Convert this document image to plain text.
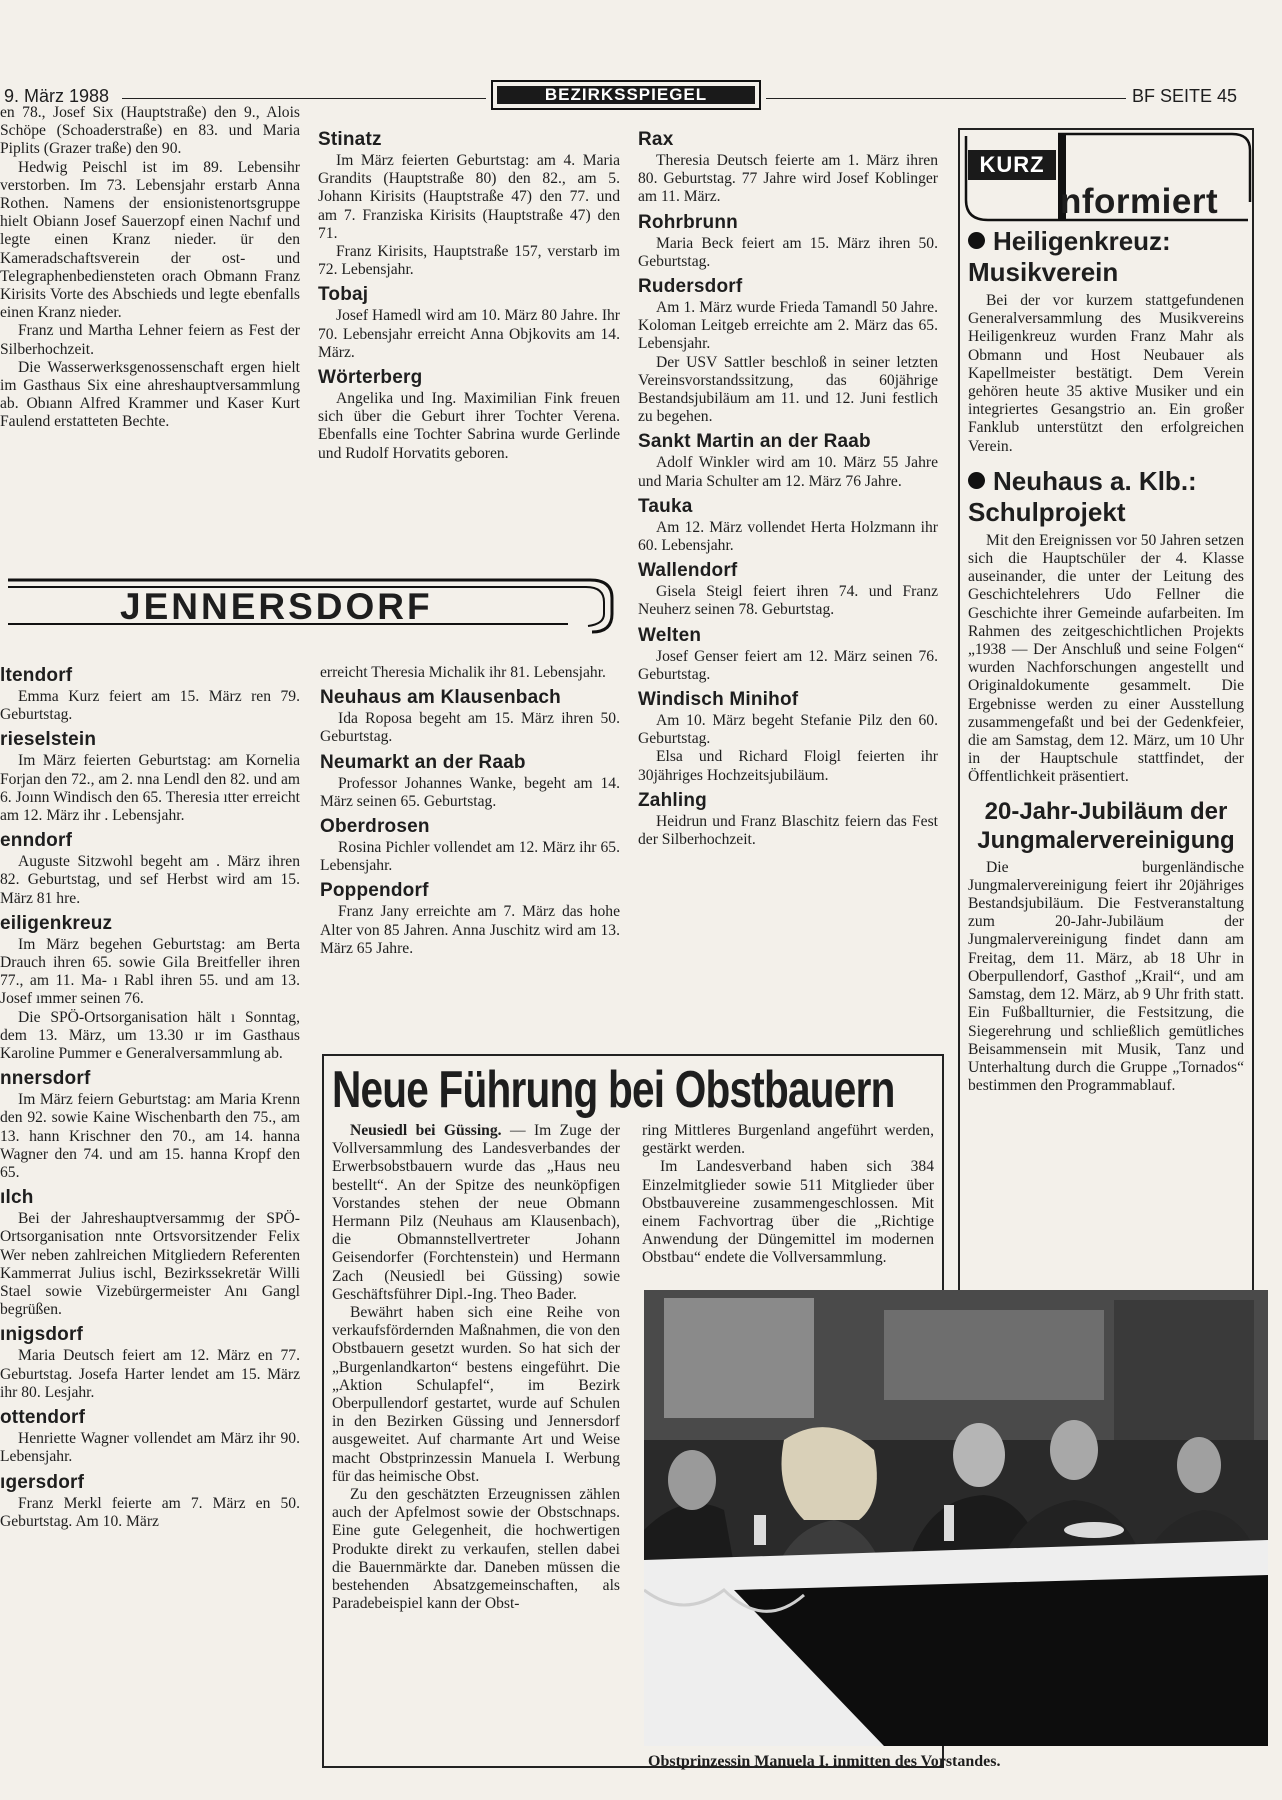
9. März 1988	BEZIRKSSPIEGEL	BF SEITE 45

en 78., Josef Six (Hauptstraße) den 9., Alois Schöpe (Schoaderstraße) en 83. und Maria Piplits (Grazer traße) den 90.

Hedwig Peischl ist im 89. Lebensihr verstorben. Im 73. Lebensjahr erstarb Anna Rothen. Namens der ensionistenortsgruppe hielt Obiann Josef Sauerzopf einen Nachıf und legte einen Kranz nieder. ür den Kameradschaftsverein der ost- und Telegraphenbediensteten orach Obmann Franz Kirisits Vorte des Abschieds und legte ebenfalls einen Kranz nieder.

Franz und Martha Lehner feiern as Fest der Silberhochzeit.

Die Wasserwerksgenossenschaft ergen hielt im Gasthaus Six eine ahreshauptversammlung ab. Obıann Alfred Krammer und Kaser Kurt Faulend erstatteten Bechte.

Stinatz

Im März feierten Geburtstag: am 4. Maria Grandits (Hauptstraße 80) den 82., am 5. Johann Kirisits (Hauptstraße 47) den 77. und am 7. Franziska Kirisits (Hauptstraße 47) den 71.

Franz Kirisits, Hauptstraße 157, verstarb im 72. Lebensjahr.

Tobaj

Josef Hamedl wird am 10. März 80 Jahre. Ihr 70. Lebensjahr erreicht Anna Objkovits am 14. März.

Wörterberg

Angelika und Ing. Maximilian Fink freuen sich über die Geburt ihrer Tochter Verena. Ebenfalls eine Tochter Sabrina wurde Gerlinde und Rudolf Horvatits geboren.

Rax

Theresia Deutsch feierte am 1. März ihren 80. Geburtstag. 77 Jahre wird Josef Koblinger am 11. März.

Rohrbrunn

Maria Beck feiert am 15. März ihren 50. Geburtstag.

Rudersdorf

Am 1. März wurde Frieda Tamandl 50 Jahre. Koloman Leitgeb erreichte am 2. März das 65. Lebensjahr.

Der USV Sattler beschloß in seiner letzten Vereinsvorstandssitzung, das 60jährige Bestandsjubiläum am 11. und 12. Juni festlich zu begehen.

Sankt Martin an der Raab

Adolf Winkler wird am 10. März 55 Jahre und Maria Schulter am 12. März 76 Jahre.

Tauka

Am 12. März vollendet Herta Holzmann ihr 60. Lebensjahr.

Wallendorf

Gisela Steigl feiert ihren 74. und Franz Neuherz seinen 78. Geburtstag.

Welten

Josef Genser feiert am 12. März seinen 76. Geburtstag.

Windisch Minihof

Am 10. März begeht Stefanie Pilz den 60. Geburtstag.

Elsa und Richard Floigl feierten ihr 30jähriges Hochzeitsjubiläum.

Zahling

Heidrun und Franz Blaschitz feiern das Fest der Silberhochzeit.

JENNERSDORF
ltendorf

Emma Kurz feiert am 15. März ren 79. Geburtstag.

rieselstein

Im März feierten Geburtstag: am Kornelia Forjan den 72., am 2. nna Lendl den 82. und am 6. Joınn Windisch den 65. Theresia ıtter erreicht am 12. März ihr . Lebensjahr.

enndorf

Auguste Sitzwohl begeht am . März ihren 82. Geburtstag, und sef Herbst wird am 15. März 81 hre.

eiligenkreuz

Im März begehen Geburtstag: am Berta Drauch ihren 65. sowie Gila Breitfeller ihren 77., am 11. Ma- ı Rabl ihren 55. und am 13. Josef ımmer seinen 76.

Die SPÖ-Ortsorganisation hält ı Sonntag, dem 13. März, um 13.30 ır im Gasthaus Karoline Pummer e Generalversammlung ab.

nnersdorf

Im März feiern Geburtstag: am Maria Krenn den 92. sowie Kaine Wischenbarth den 75., am 13. hann Krischner den 70., am 14. hanna Wagner den 74. und am 15. hanna Kropf den 65.

ılch

Bei der Jahreshauptversammıg der SPÖ-Ortsorganisation nnte Ortsvorsitzender Felix Wer neben zahlreichen Mitgliedern Referenten Kammerrat Julius ischl, Bezirkssekretär Willi Stael sowie Vizebürgermeister Anı Gangl begrüßen.

ınigsdorf

Maria Deutsch feiert am 12. März en 77. Geburtstag. Josefa Harter lendet am 15. März ihr 80. Lesjahr.

ottendorf

Henriette Wagner vollendet am März ihr 90. Lebensjahr.

ıgersdorf

Franz Merkl feierte am 7. März en 50. Geburtstag. Am 10. März

erreicht Theresia Michalik ihr 81. Lebensjahr.

Neuhaus am Klausenbach

Ida Roposa begeht am 15. März ihren 50. Geburtstag.

Neumarkt an der Raab

Professor Johannes Wanke, begeht am 14. März seinen 65. Geburtstag.

Oberdrosen

Rosina Pichler vollendet am 12. März ihr 65. Lebensjahr.

Poppendorf

Franz Jany erreichte am 7. März das hohe Alter von 85 Jahren. Anna Juschitz wird am 13. März 65 Jahre.

KURZ
nformiert
Heiligenkreuz:
Musikverein

Bei der vor kurzem stattgefundenen Generalversammlung des Musikvereins Heiligenkreuz wurden Franz Mahr als Obmann und Host Neubauer als Kapellmeister bestätigt. Dem Verein gehören heute 35 aktive Musiker und ein integriertes Gesangstrio an. Ein großer Fanklub unterstützt den erfolgreichen Verein.

Neuhaus a. Klb.:
Schulprojekt

Mit den Ereignissen vor 50 Jahren setzen sich die Hauptschüler der 4. Klasse auseinander, die unter der Leitung des Geschichtelehrers Udo Fellner die Geschichte ihrer Gemeinde aufarbeiten. Im Rahmen des zeitgeschichtlichen Projekts „1938 — Der Anschluß und seine Folgen“ wurden Nachforschungen angestellt und Originaldokumente gesammelt. Die Ergebnisse werden zu einer Ausstellung zusammengefaßt und bei der Gedenkfeier, die am Samstag, dem 12. März, um 10 Uhr in der Hauptschule stattfindet, der Öffentlichkeit präsentiert.

20-Jahr-Jubiläum der
Jungmalervereinigung

Die burgenländische Jungmalervereinigung feiert ihr 20jähriges Bestandsjubiläum. Die Festveranstaltung zum 20-Jahr-Jubiläum der Jungmalervereinigung findet dann am Freitag, dem 11. März, ab 18 Uhr in Oberpullendorf, Gasthof „Krail“, und am Samstag, dem 12. März, ab 9 Uhr frith statt. Ein Fußballturnier, die Festsitzung, die Siegerehrung und schließlich gemütliches Beisammensein mit Musik, Tanz und Unterhaltung durch die Gruppe „Tornados“ bestimmen den Programmablauf.

Neue Führung bei Obstbauern

Neusiedl bei Güssing. — Im Zuge der Vollversammlung des Landesverbandes der Erwerbsobstbauern wurde das „Haus neu bestellt“. An der Spitze des neunköpfigen Vorstandes stehen der neue Obmann Hermann Pilz (Neuhaus am Klausenbach), die Obmannstellvertreter Johann Geisendorfer (Forchtenstein) und Hermann Zach (Neusiedl bei Güssing) sowie Geschäftsführer Dipl.-Ing. Theo Bader.

Bewährt haben sich eine Reihe von verkaufsfördernden Maßnahmen, die von den Obstbauern gesetzt wurden. So hat sich der „Burgenlandkarton“ bestens eingeführt. Die „Aktion Schulapfel“, im Bezirk Oberpullendorf gestartet, wurde auf Schulen in den Bezirken Güssing und Jennersdorf ausgeweitet. Auf charmante Art und Weise macht Obstprinzessin Manuela I. Werbung für das heimische Obst.

Zu den geschätzten Erzeugnissen zählen auch der Apfelmost sowie der Obstschnaps. Eine gute Gelegenheit, die hochwertigen Produkte direkt zu verkaufen, stellen dabei die Bauernmärkte dar. Daneben müssen die bestehenden Absatzgemeinschaften, als Paradebeispiel kann der Obst-

ring Mittleres Burgenland angeführt werden, gestärkt werden.

Im Landesverband haben sich 384 Einzelmitglieder sowie 511 Mitglieder über Obstbauvereine zusammengeschlossen. Mit einem Fachvortrag über die „Richtige Anwendung der Düngemittel im modernen Obstbau“ endete die Vollversammlung.

Obstprinzessin Manuela I. inmitten des Vorstandes.
